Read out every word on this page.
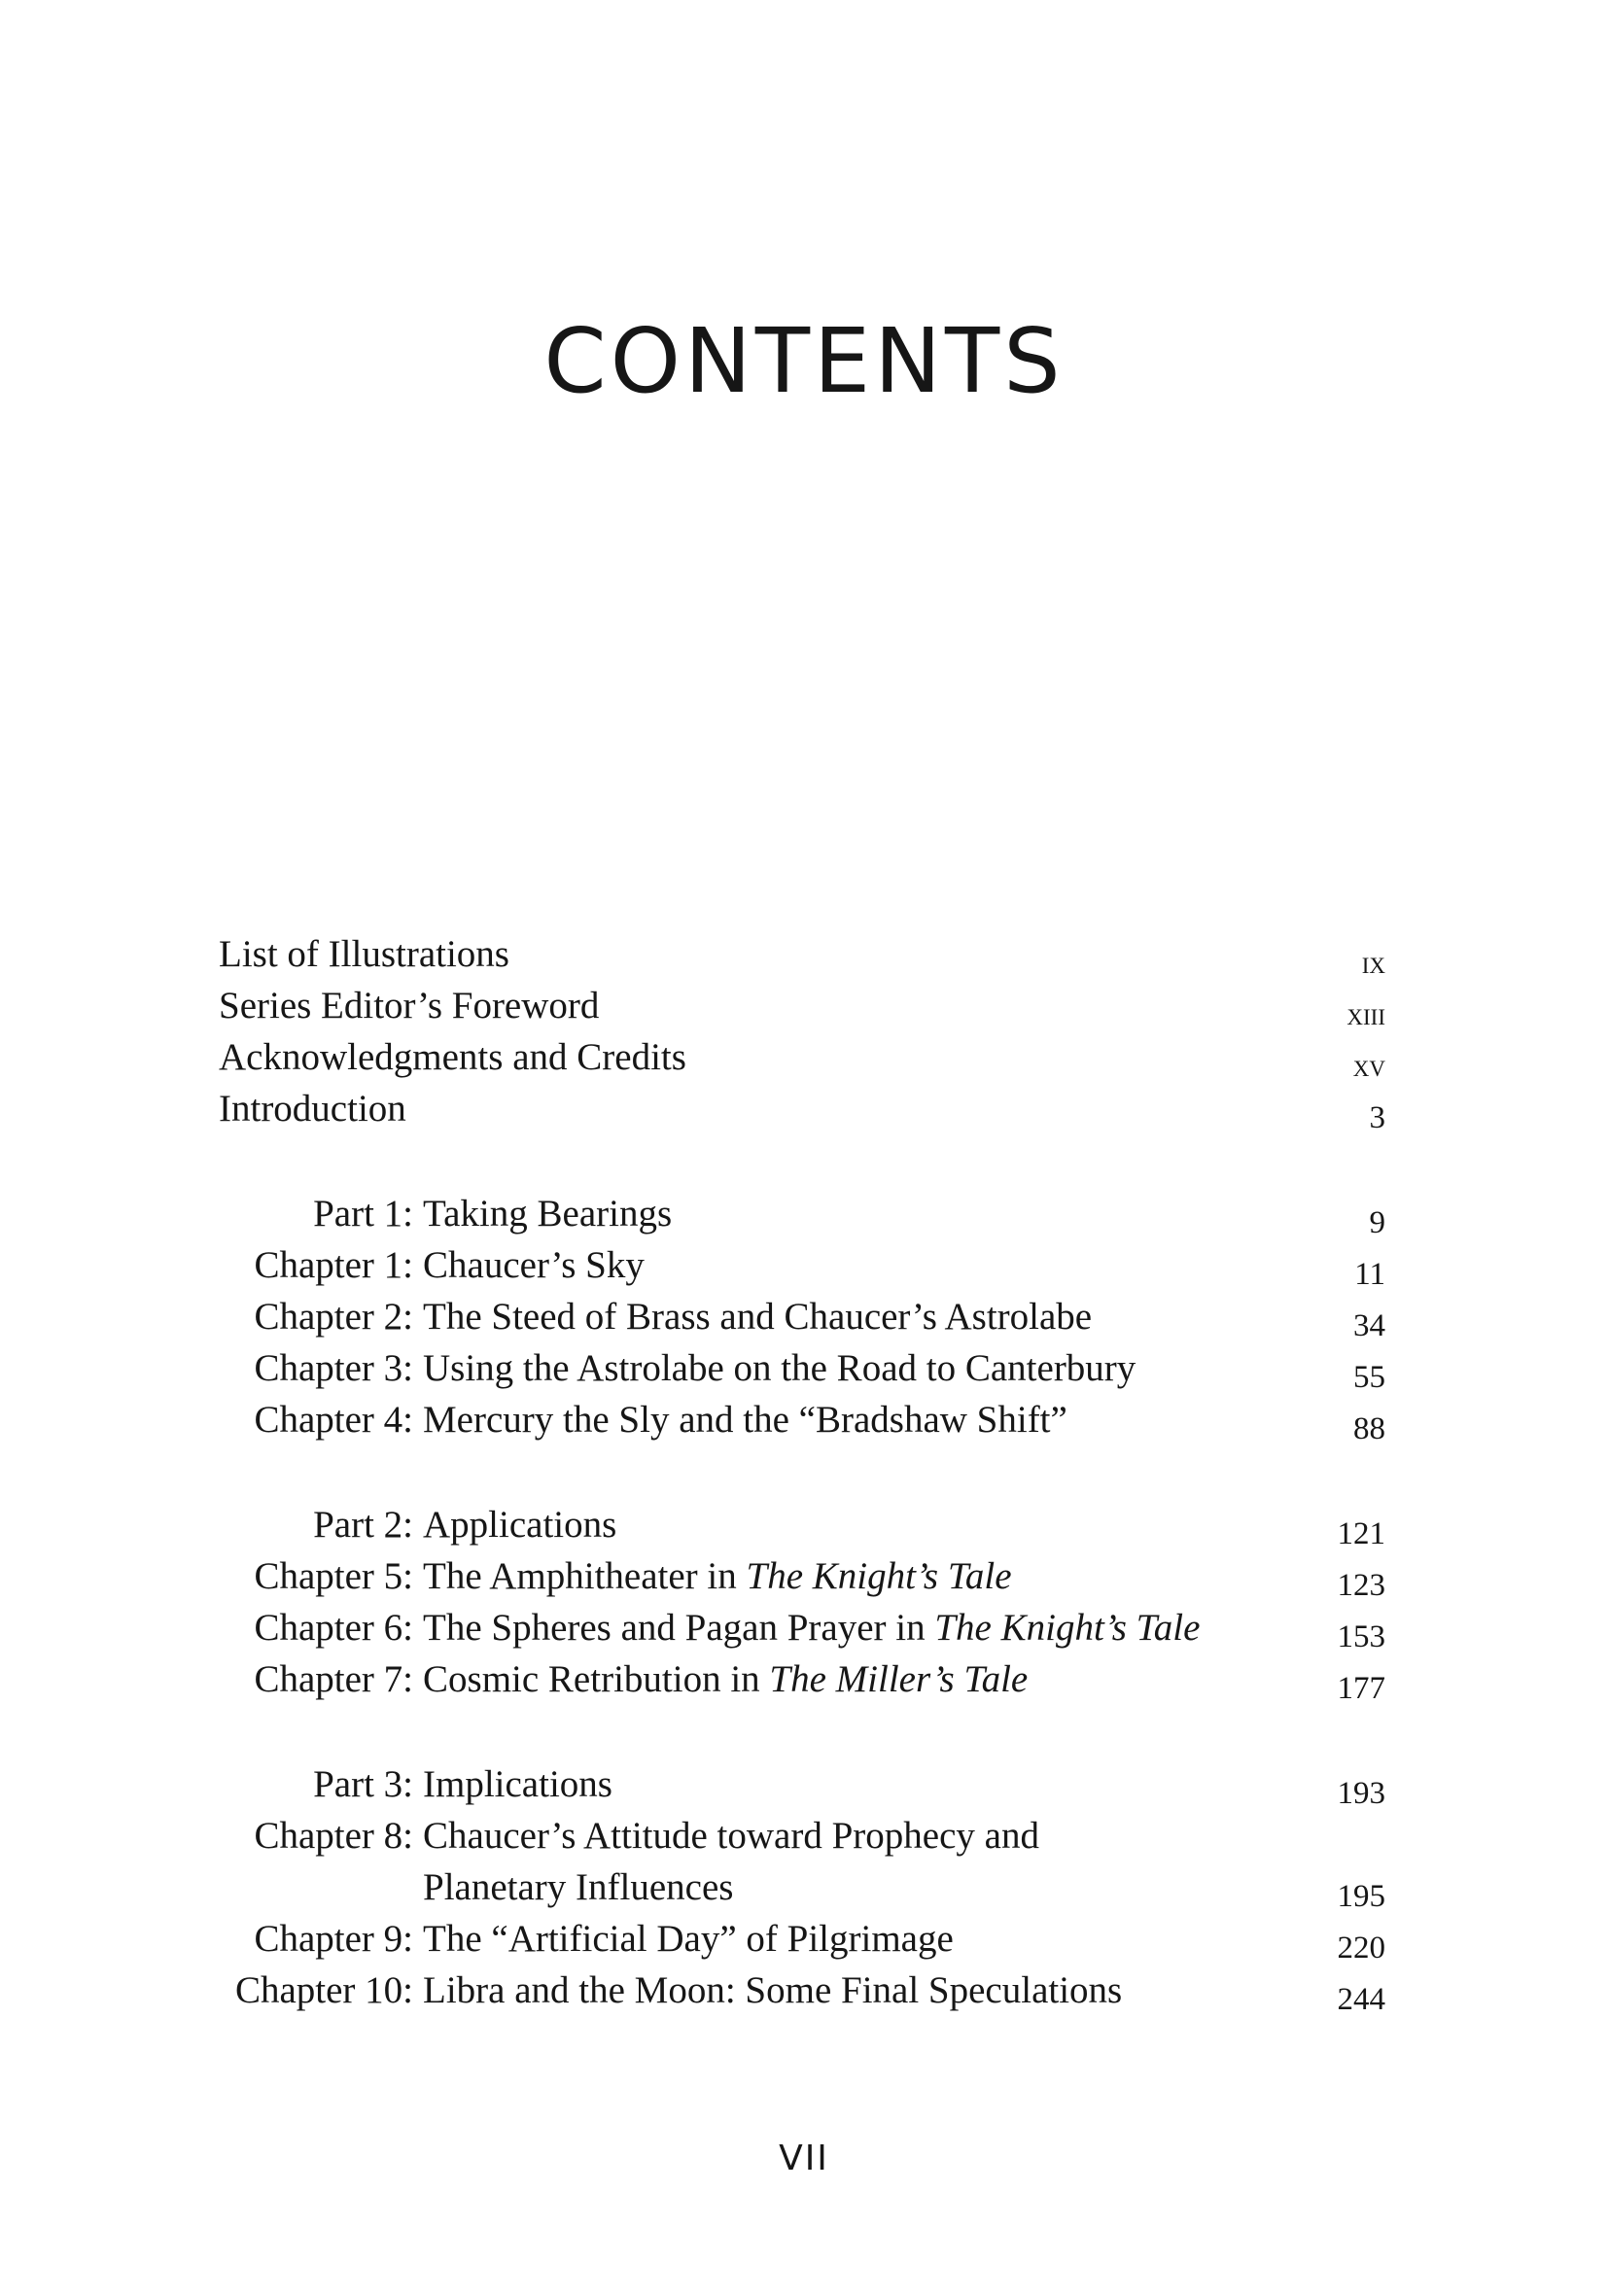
CONTENTS
List of Illustrations	ix
Series Editor’s Foreword	xiii
Acknowledgments and Credits	xv
Introduction	3
Part 1: Taking Bearings	9
Chapter 1: Chaucer’s Sky	11
Chapter 2: The Steed of Brass and Chaucer’s Astrolabe	34
Chapter 3: Using the Astrolabe on the Road to Canterbury	55
Chapter 4: Mercury the Sly and the “Bradshaw Shift”	88
Part 2: Applications	121
Chapter 5: The Amphitheater in The Knight’s Tale	123
Chapter 6: The Spheres and Pagan Prayer in The Knight’s Tale	153
Chapter 7: Cosmic Retribution in The Miller’s Tale	177
Part 3: Implications	193
Chapter 8: Chaucer’s Attitude toward Prophecy and
Planetary Influences	195
Chapter 9: The “Artificial Day” of Pilgrimage	220
Chapter 10: Libra and the Moon: Some Final Speculations	244
VII
